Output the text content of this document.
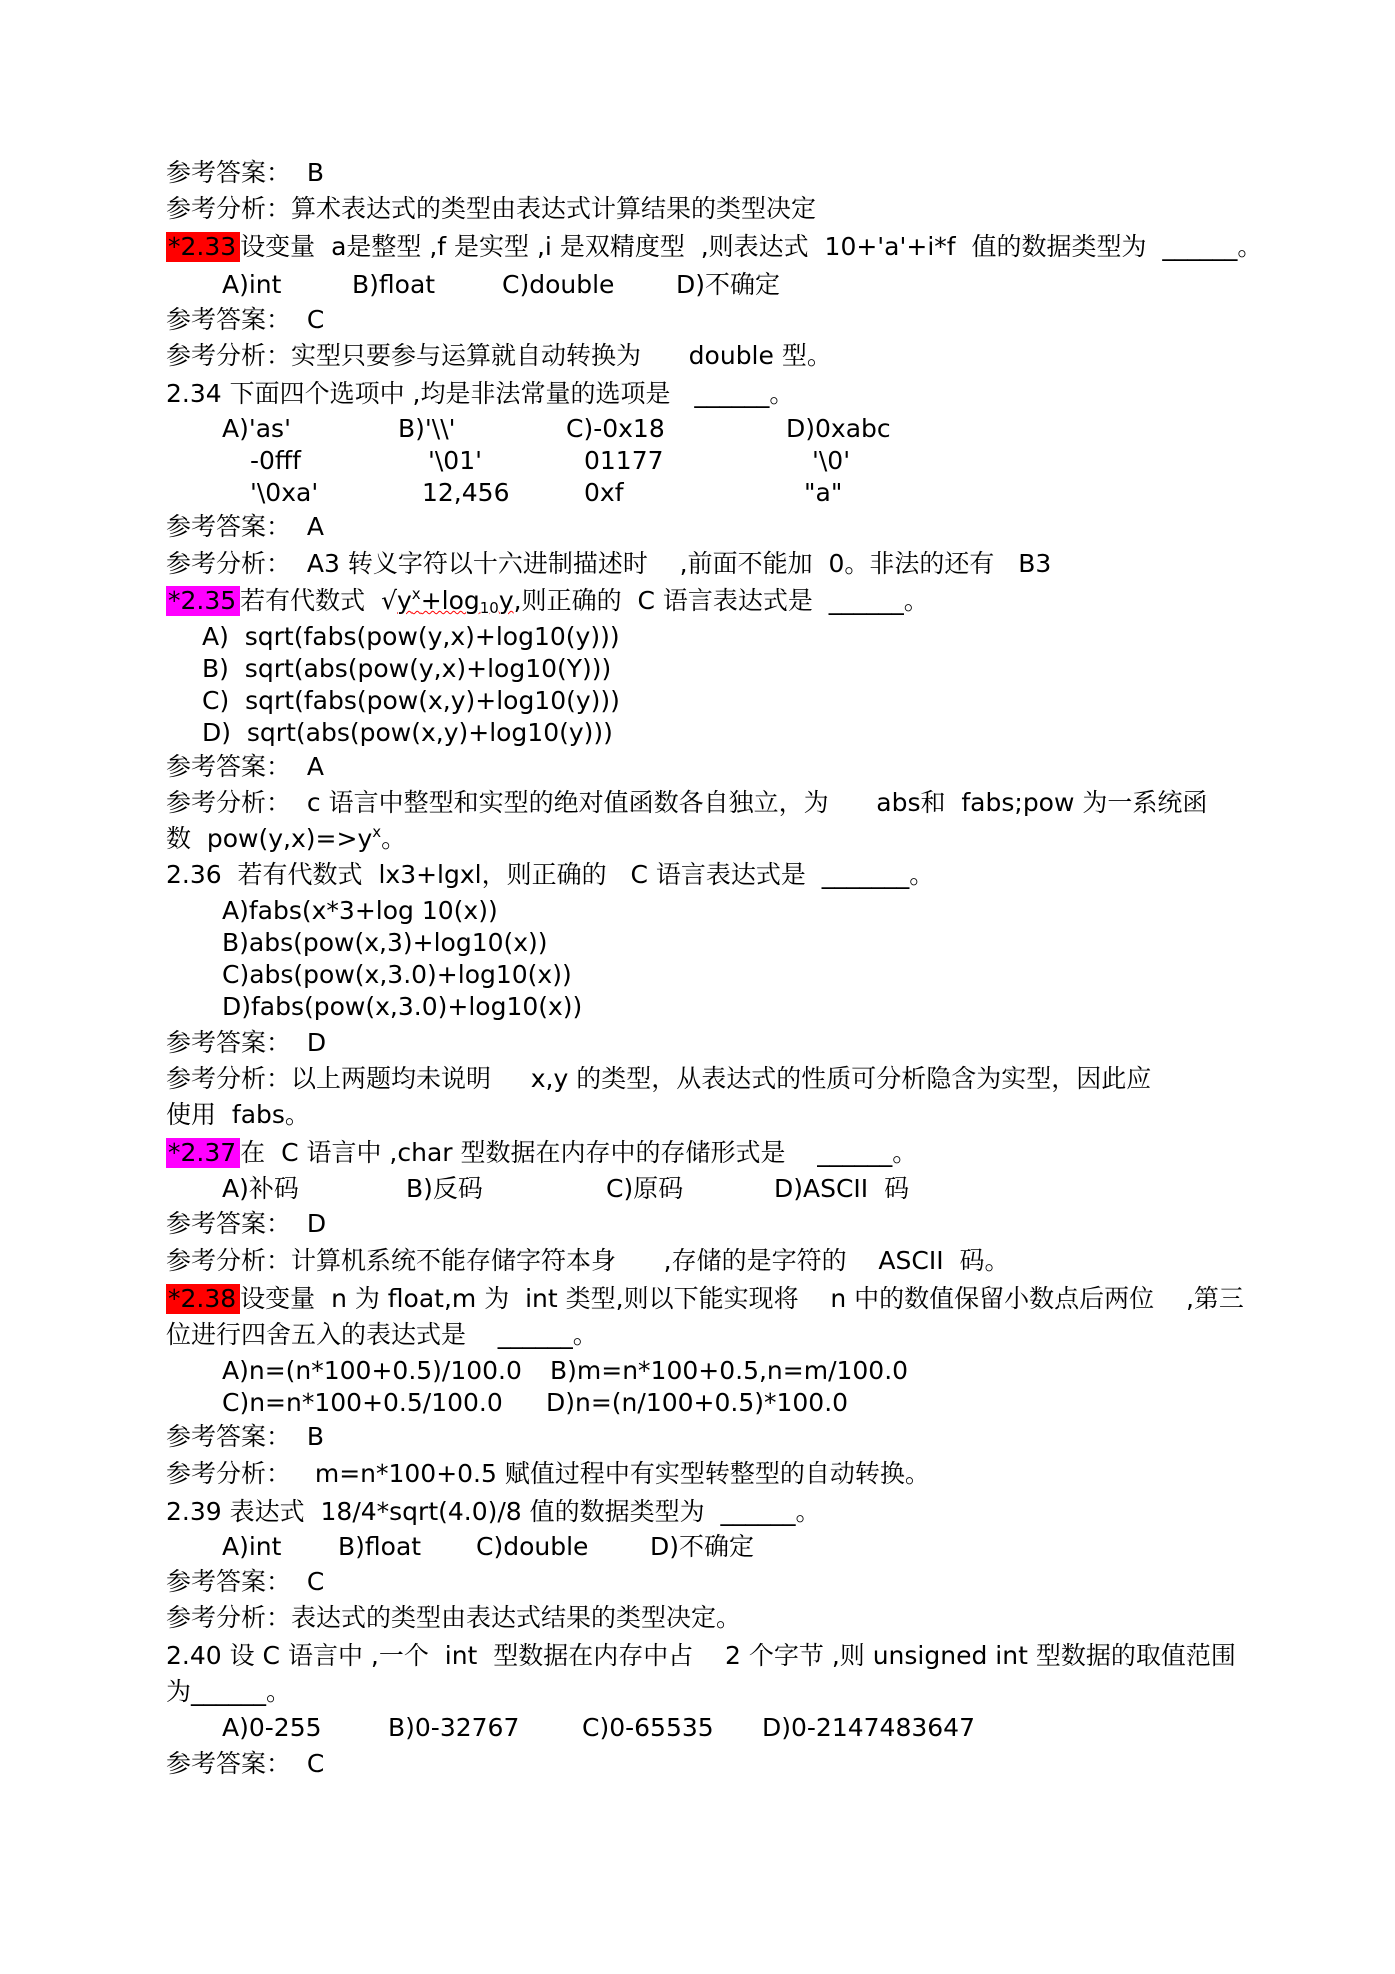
参考答案：  B
参考分析：算术表达式的类型由表达式计算结果的类型决定
*2.33 设变量  a是整型 ,f 是实型 ,i 是双精度型  ,则表达式  10+'a'+i*f  值的数据类型为  ______。
A)int	B)float	C)double D)不确定
参考答案：  C
参考分析：实型只要参与运算就自动转换为      double 型。
2.34 下面四个选项中 ,均是非法常量的选项是   ______。
A)'as'	B)'\\'	C)-0x18	D)0xabc
-0fff	'\01'	01177	'\0'
'\0xa'	12,456	0xf	"a"
参考答案：  A
参考分析：  A3 转义字符以十六进制描述时    ,前面不能加  0。非法的还有   B3
*2.35 若有代数式  $√y^x+\log_{10}y$,则正确的  C 语言表达式是  ______。
A)  sqrt(fabs(pow(y,x)+log10(y)))
B)  sqrt(abs(pow(y,x)+log10(Y)))
C)  sqrt(fabs(pow(x,y)+log10(y)))
D)  sqrt(abs(pow(x,y)+log10(y)))
参考答案：  A
参考分析：  c 语言中整型和实型的绝对值函数各自独立，为      abs和  fabs;pow 为一系统函
数  $pow(y,x)=>y^x$。
2.36  若有代数式  lx3+lgxl，则正确的   C 语言表达式是  _______。
A)fabs(x*3+log 10(x))
B)abs(pow(x,3)+log10(x))
C)abs(pow(x,3.0)+log10(x))
D)fabs(pow(x,3.0)+log10(x))
参考答案：  D
参考分析：以上两题均未说明     x,y 的类型，从表达式的性质可分析隐含为实型，因此应
使用  fabs。
*2.37 在  C 语言中 ,char 型数据在内存中的存储形式是    ______。
A)补码	B)反码	C)原码	D)ASCII  码
参考答案：  D
参考分析：计算机系统不能存储字符本身      ,存储的是字符的    ASCII  码。
*2.38 设变量  n 为 float,m 为  int 类型,则以下能实现将    n 中的数值保留小数点后两位    ,第三
位进行四舍五入的表达式是    ______。
A)n=(n*100+0.5)/100.0 B)m=n*100+0.5,n=m/100.0
C)n=n*100+0.5/100.0 D)n=(n/100+0.5)*100.0
参考答案：  B
参考分析：   m=n*100+0.5 赋值过程中有实型转整型的自动转换。
2.39 表达式  18/4*sqrt(4.0)/8 值的数据类型为  ______。
A)int B)float C)double D)不确定
参考答案：  C
参考分析：表达式的类型由表达式结果的类型决定。
2.40 设 C 语言中 ,一个  int  型数据在内存中占    2 个字节 ,则 unsigned int 型数据的取值范围
为______。
A)0-255	B)0-32767	C)0-65535 D)0-2147483647
参考答案：  C
